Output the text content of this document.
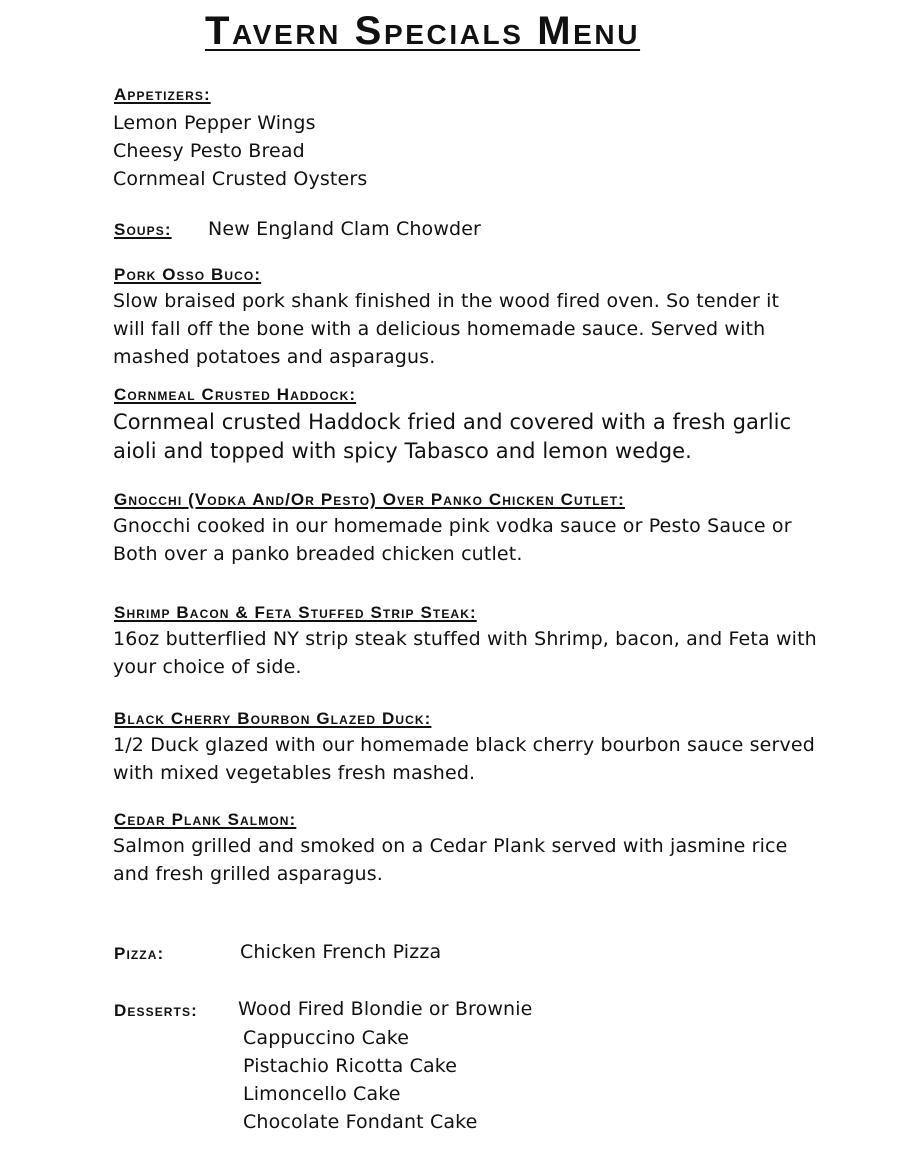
Tavern Specials Menu
Appetizers:
Lemon Pepper Wings
Cheesy Pesto Bread
Cornmeal Crusted Oysters
Soups: New England Clam Chowder
Pork Osso Buco:
Slow braised pork shank finished in the wood fired oven. So tender it
will fall off the bone with a delicious homemade sauce. Served with
mashed potatoes and asparagus.
Cornmeal Crusted Haddock:
Cornmeal crusted Haddock fried and covered with a fresh garlic
aioli and topped with spicy Tabasco and lemon wedge.
Gnocchi (Vodka And/Or Pesto) Over Panko Chicken Cutlet:
Gnocchi cooked in our homemade pink vodka sauce or Pesto Sauce or
Both over a panko breaded chicken cutlet.
Shrimp Bacon & Feta Stuffed Strip Steak:
16oz butterflied NY strip steak stuffed with Shrimp, bacon, and Feta with
your choice of side.
Black Cherry Bourbon Glazed Duck:
1/2 Duck glazed with our homemade black cherry bourbon sauce served
with mixed vegetables fresh mashed.
Cedar Plank Salmon:
Salmon grilled and smoked on a Cedar Plank served with jasmine rice
and fresh grilled asparagus.
Pizza:	Chicken French Pizza
Desserts: Wood Fired Blondie or Brownie
Cappuccino Cake
Pistachio Ricotta Cake
Limoncello Cake
Chocolate Fondant Cake
